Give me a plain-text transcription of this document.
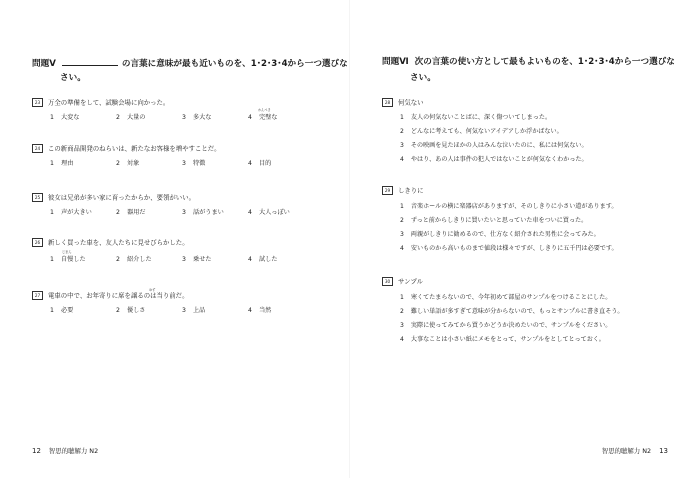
問題Ⅴ	の言葉に意味が最も近いものを、1･2･3･4から一つ選びな
さい。
23 万全の準備をして、試験会場に向かった。
かんぺき
1 大変な	2 大量の	3 多大な	4 完璧な
24 この新商品開発のねらいは、新たなお客様を増やすことだ。
1 理由	2 対象	3 特徴	4 目的
25 彼女は兄弟が多い家に育ったからか、要領がいい。
1 声が大きい	2 器用だ	3 話がうまい	4 大人っぽい
26 新しく買った車を、友人たちに見せびらかした。
じまん
1 自慢した	2 紹介した	3 乗せた	4 試した
ゆず
27 電車の中で、お年寄りに席を譲るのは当り前だ。
1 必要	2 優しさ	3 上品	4 当然
12 智思的聴解力 N2
問題Ⅵ 次の言葉の使い方として最もよいものを、1･2･3･4から一つ選びな
さい。
28 何気ない
1 友人の何気ないことばに、深く傷ついてしまった。
2 どんなに考えても、何気ないアイデアしか浮かばない。
3 その映画を見たほかの人はみんな泣いたのに、私には何気ない。
4 やはり、あの人は事件の犯人ではないことが何気なくわかった。
29 しきりに
1 音楽ホールの横に楽器店がありますが、そのしきりに小さい道があります。
2 ずっと前からしきりに買いたいと思っていた車をついに買った。
3 両親がしきりに勧めるので、仕方なく紹介された男性に会ってみた。
4 安いものから高いものまで値段は様々ですが、しきりに五千円は必要です。
30 サンプル
1 寒くてたまらないので、今年初めて部屋のサンプルをつけることにした。
2 難しい単語が多すぎて意味が分からないので、もっとサンプルに書き直そう。
3 実際に使ってみてから買うかどうか決めたいので、サンプルをください。
4 大事なことは小さい紙にメモをとって、サンプルをとしてとっておく。
智思的聴解力 N2 13
